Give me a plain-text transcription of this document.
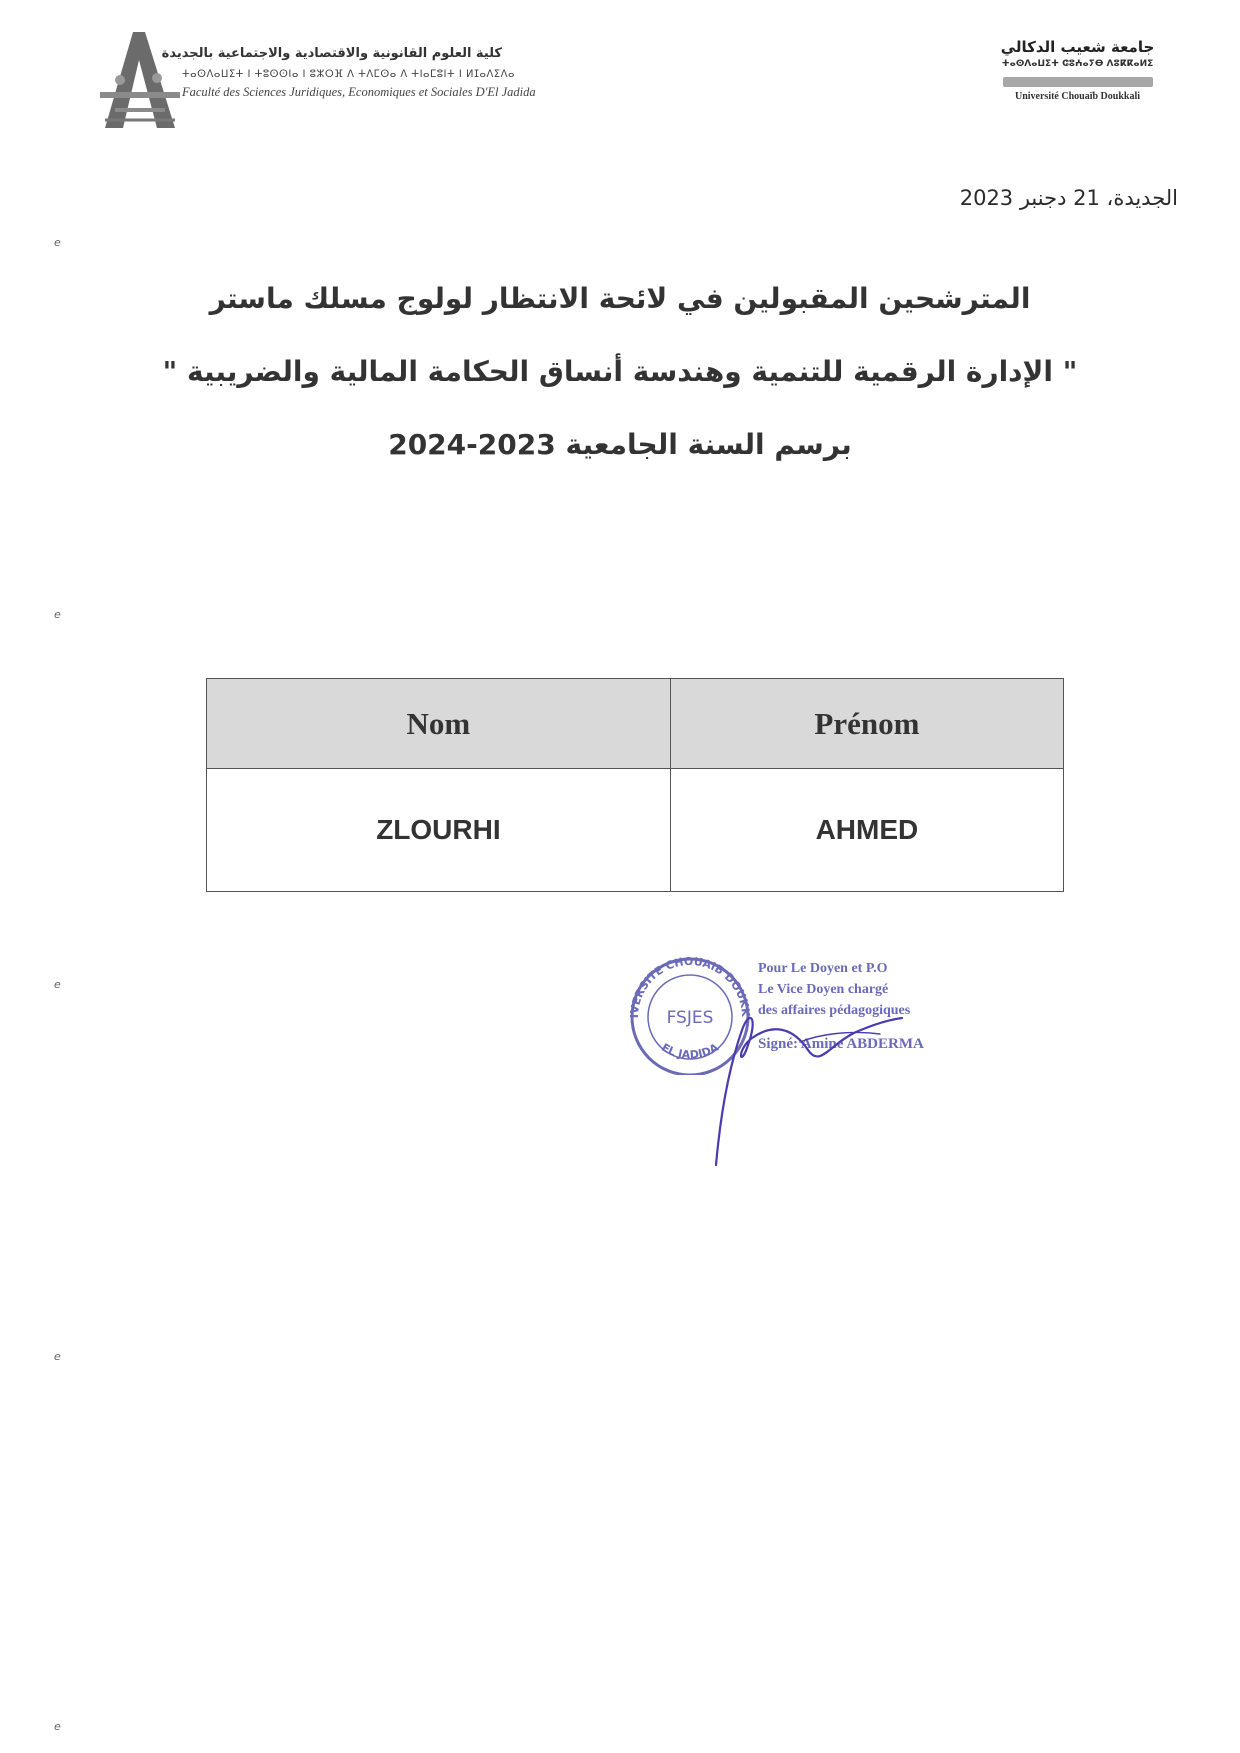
كلية العلوم القانونية والاقتصادية والاجتماعية بالجديدة
ⵜⴰⵙⴷⴰⵡⵉⵜ ⵏ ⵜⵓⵙⵙⵏⴰ ⵏ ⵓⵣⵔⴼ ⴷ ⵜⴷⵎⵙⴰ ⴷ ⵜⵏⴰⵎⵓⵏⵜ ⵏ ⵍⵊⴰⴷⵉⴷⴰ
Faculté des Sciences Juridiques, Economiques et Sociales D'El Jadida
جامعة شعيب الدكالي
ⵜⴰⵙⴷⴰⵡⵉⵜ ⵛⵓⵄⴰⵢⴱ ⴷⵓⴽⴽⴰⵍⵉ
Université Chouaïb Doukkali
الجديدة، 21 دجنبر 2023
e
e
e
e
e
المترشحين المقبولين في لائحة الانتظار لولوج مسلك ماستر
" الإدارة الرقمية للتنمية وهندسة أنساق الحكامة المالية والضريبية "
برسم السنة الجامعية 2023-2024
Nom	Prénom
ZLOURHI	AHMED
IVERSITE CHOUAIB DOUKK
EL JADIDA
FSJES
Pour Le Doyen et P.O
Le Vice Doyen chargé
des affaires pédagogiques
Signé: Amine ABDERMA
